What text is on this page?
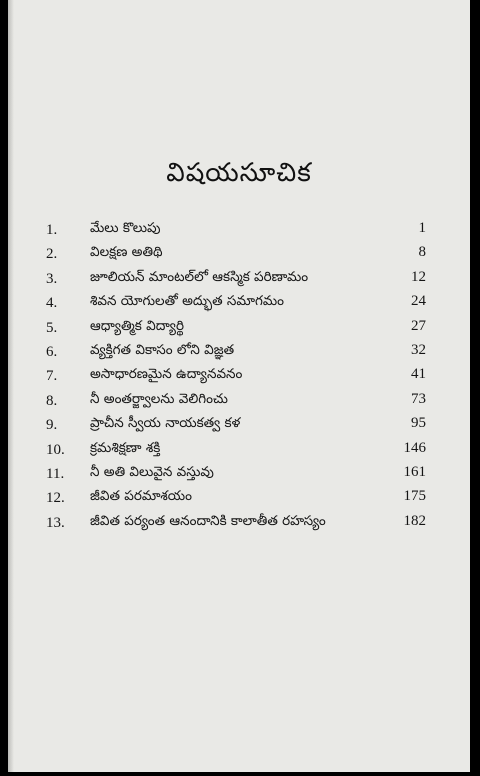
విషయసూచిక
1. మేలు కొలుపు	1
2. విలక్షణ అతిథి	8
3. జూలియన్ మాంటల్‌లో ఆకస్మిక పరిణామం	12
4. శివన యోగులతో అద్భుత సమాగమం	24
5. ఆధ్యాత్మిక విద్యార్థి	27
6. వ్యక్తిగత వికాసం లోని విజ్ఞత	32
7. అసాధారణమైన ఉద్యానవనం	41
8. నీ అంతర్జ్వాలను వెలిగించు	73
9. ప్రాచీన స్వీయ నాయకత్వ కళ	95
10. క్రమశిక్షణా శక్తి	146
11. నీ అతి విలువైన వస్తువు	161
12. జీవిత పరమాశయం	175
13. జీవిత పర్యంత ఆనందానికి కాలాతీత రహస్యం	182
